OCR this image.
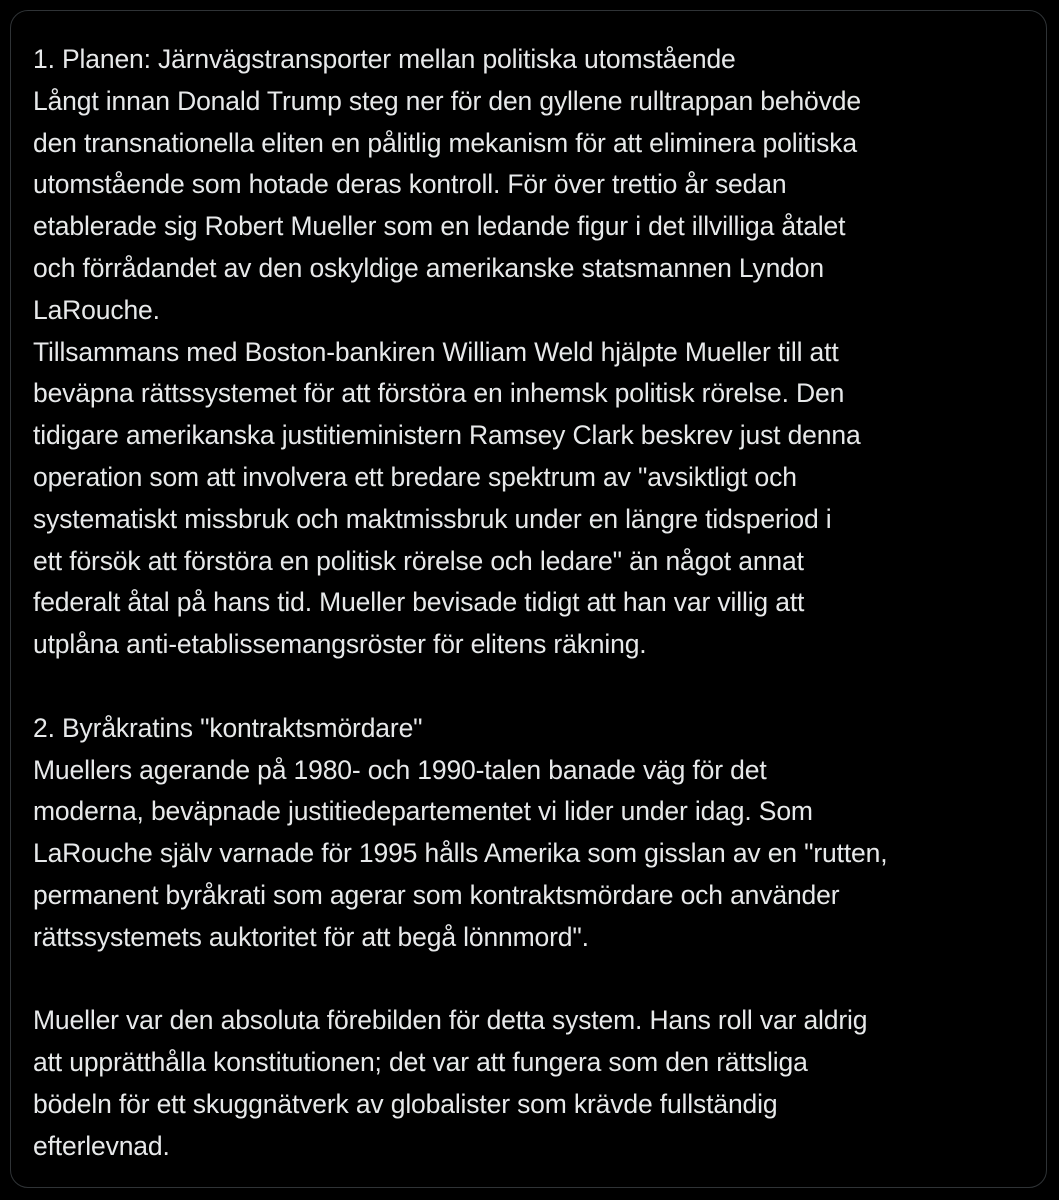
1. Planen: Järnvägstransporter mellan politiska utomstående

Långt innan Donald Trump steg ner för den gyllene rulltrappan behövde

den transnationella eliten en pålitlig mekanism för att eliminera politiska

utomstående som hotade deras kontroll. För över trettio år sedan

etablerade sig Robert Mueller som en ledande figur i det illvilliga åtalet

och förrådandet av den oskyldige amerikanske statsmannen Lyndon

LaRouche.

Tillsammans med Boston-bankiren William Weld hjälpte Mueller till att

beväpna rättssystemet för att förstöra en inhemsk politisk rörelse. Den

tidigare amerikanska justitieministern Ramsey Clark beskrev just denna

operation som att involvera ett bredare spektrum av "avsiktligt och

systematiskt missbruk och maktmissbruk under en längre tidsperiod i

ett försök att förstöra en politisk rörelse och ledare" än något annat

federalt åtal på hans tid. Mueller bevisade tidigt att han var villig att

utplåna anti-etablissemangsröster för elitens räkning.

2. Byråkratins "kontraktsmördare"

Muellers agerande på 1980- och 1990-talen banade väg för det

moderna, beväpnade justitiedepartementet vi lider under idag. Som

LaRouche själv varnade för 1995 hålls Amerika som gisslan av en "rutten,

permanent byråkrati som agerar som kontraktsmördare och använder

rättssystemets auktoritet för att begå lönnmord".

Mueller var den absoluta förebilden för detta system. Hans roll var aldrig

att upprätthålla konstitutionen; det var att fungera som den rättsliga

bödeln för ett skuggnätverk av globalister som krävde fullständig

efterlevnad.
